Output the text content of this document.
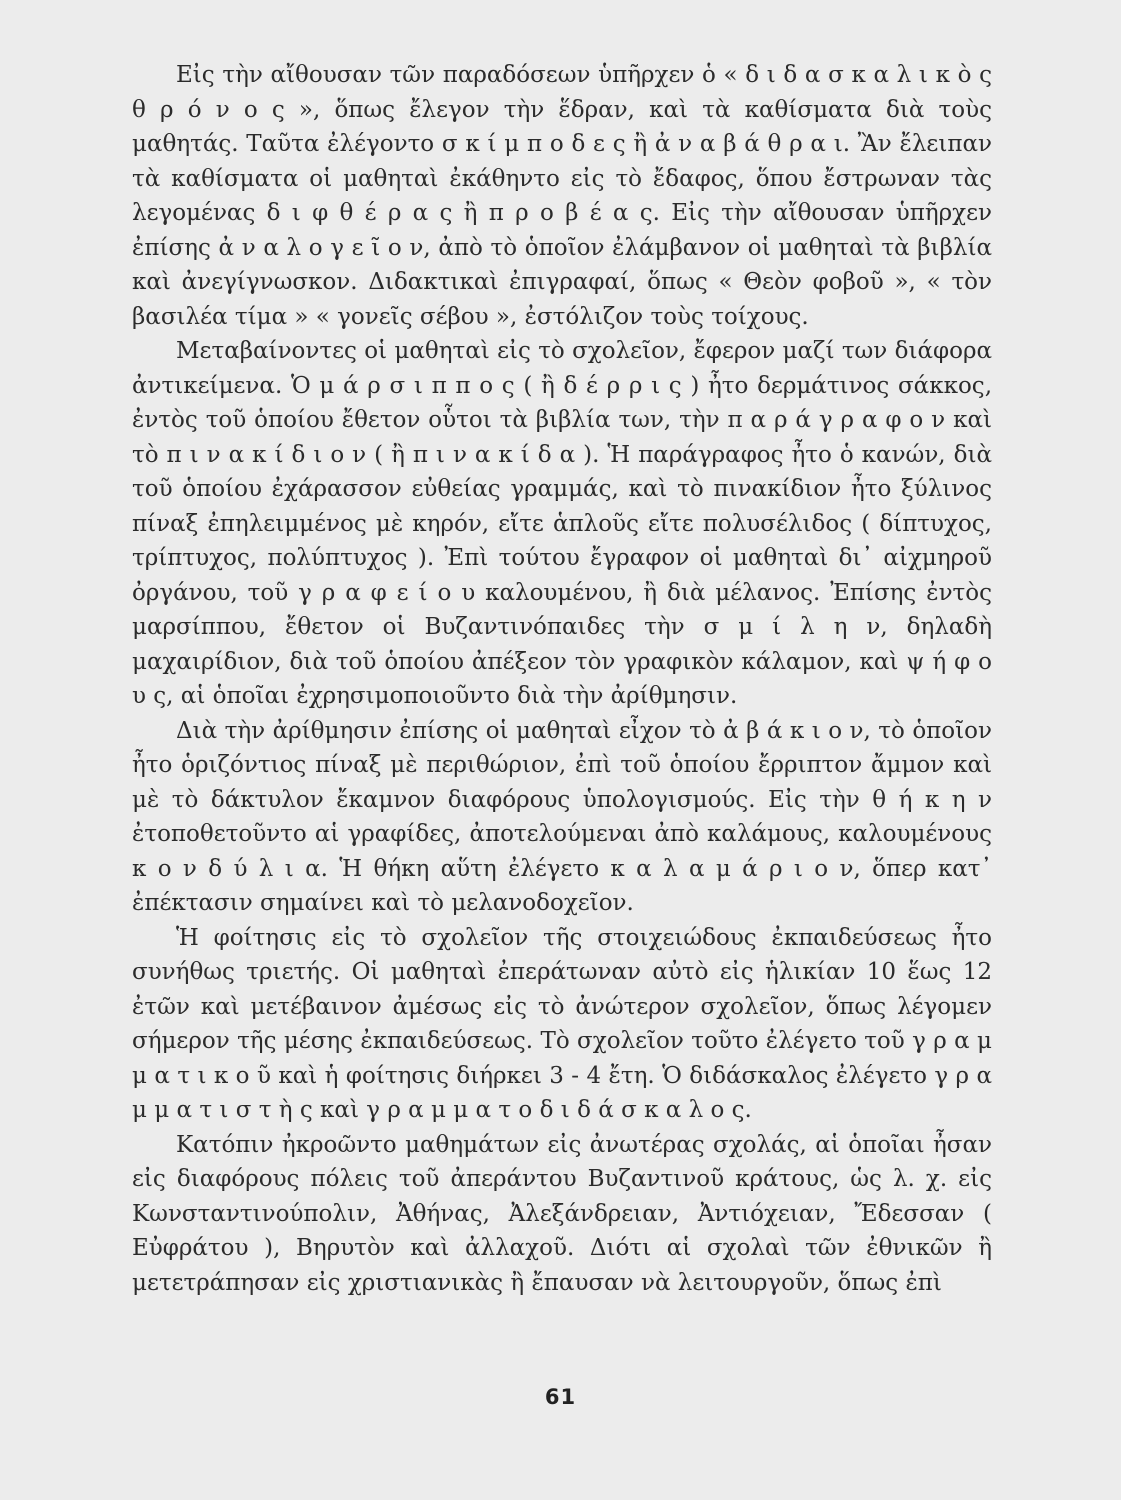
Εἰς τὴν αἴθουσαν τῶν παραδόσεων ὑπῆρχεν ὁ « δ ι δ α σ κ α λ ι κ ὸ ς θ ρ ό ν ο ς », ὅπως ἔλεγον τὴν ἕδραν, καὶ τὰ καθίσματα διὰ τοὺς μαθητάς. Ταῦτα ἐλέγοντο σ κ ί μ π ο δ ε ς ἢ ἀ ν α β ά θ ρ α ι. Ἂν ἔλειπαν τὰ καθίσματα οἱ μαθηταὶ ἐκάθηντο εἰς τὸ ἔδαφος, ὅπου ἔστρωναν τὰς λεγομένας δ ι φ θ έ ρ α ς ἢ π ρ ο β έ α ς. Εἰς τὴν αἴθουσαν ὑπῆρχεν ἐπίσης ἀ ν α λ ο γ ε ῖ ο ν, ἀπὸ τὸ ὁποῖον ἐλάμβανον οἱ μαθηταὶ τὰ βιβλία καὶ ἀνεγίγνωσκον. Διδακτικαὶ ἐπιγραφαί, ὅπως « Θεὸν φοβοῦ », « τὸν βασιλέα τίμα » « γονεῖς σέβου », ἐστόλιζον τοὺς τοίχους.

Μεταβαίνοντες οἱ μαθηταὶ εἰς τὸ σχολεῖον, ἔφερον μαζί των διάφορα ἀντικείμενα. Ὁ μ ά ρ σ ι π π ο ς ( ἢ δ έ ρ ρ ι ς ) ἦτο δερμάτινος σάκκος, ἐντὸς τοῦ ὁποίου ἔθετον οὗτοι τὰ βιβλία των, τὴν π α ρ ά γ ρ α φ ο ν καὶ τὸ π ι ν α κ ί δ ι ο ν ( ἢ π ι ν α κ ί δ α ). Ἡ παράγραφος ἦτο ὁ κανών, διὰ τοῦ ὁποίου ἐχάρασσον εὐθείας γραμμάς, καὶ τὸ πινακίδιον ἦτο ξύλινος πίναξ ἐπηλειμμένος μὲ κηρόν, εἴτε ἁπλοῦς εἴτε πολυσέλιδος ( δίπτυχος, τρίπτυχος, πολύπτυχος ). Ἐπὶ τούτου ἔγραφον οἱ μαθηταὶ δι᾽ αἰχμηροῦ ὀργάνου, τοῦ γ ρ α φ ε ί ο υ καλουμένου, ἢ διὰ μέλανος. Ἐπίσης ἐντὸς μαρσίππου, ἔθετον οἱ Βυζαντινόπαιδες τὴν σ μ ί λ η ν, δηλαδὴ μαχαιρίδιον, διὰ τοῦ ὁποίου ἀπέξεον τὸν γραφικὸν κάλαμον, καὶ ψ ή φ ο υ ς, αἱ ὁποῖαι ἐχρησιμοποιοῦντο διὰ τὴν ἀρίθμησιν.

Διὰ τὴν ἀρίθμησιν ἐπίσης οἱ μαθηταὶ εἶχον τὸ ἀ β ά κ ι ο ν, τὸ ὁποῖον ἦτο ὁριζόντιος πίναξ μὲ περιθώριον, ἐπὶ τοῦ ὁποίου ἔρριπτον ἄμμον καὶ μὲ τὸ δάκτυλον ἔκαμνον διαφόρους ὑπολογισμούς. Εἰς τὴν θ ή κ η ν ἐτοποθετοῦντο αἱ γραφίδες, ἀποτελούμεναι ἀπὸ καλάμους, καλουμένους κ ο ν δ ύ λ ι α. Ἡ θήκη αὕτη ἐλέγετο κ α λ α μ ά ρ ι ο ν, ὅπερ κατ᾽ ἐπέκτασιν σημαίνει καὶ τὸ μελανοδοχεῖον.

Ἡ φοίτησις εἰς τὸ σχολεῖον τῆς στοιχειώδους ἐκπαιδεύσεως ἦτο συνήθως τριετής. Οἱ μαθηταὶ ἐπεράτωναν αὐτὸ εἰς ἡλικίαν 10 ἕως 12 ἐτῶν καὶ μετέβαινον ἀμέσως εἰς τὸ ἀνώτερον σχολεῖον, ὅπως λέγομεν σήμερον τῆς μέσης ἐκπαιδεύσεως. Τὸ σχολεῖον τοῦτο ἐλέγετο τοῦ γ ρ α μ μ α τ ι κ ο ῦ καὶ ἡ φοίτησις διήρκει 3 - 4 ἔτη. Ὁ διδάσκαλος ἐλέγετο γ ρ α μ μ α τ ι σ τ ὴ ς καὶ γ ρ α μ μ α τ ο δ ι δ ά σ κ α λ ο ς.

Κατόπιν ἠκροῶντο μαθημάτων εἰς ἀνωτέρας σχολάς, αἱ ὁποῖαι ἦσαν εἰς διαφόρους πόλεις τοῦ ἀπεράντου Βυζαντινοῦ κράτους, ὡς λ. χ. εἰς Κωνσταντινούπολιν, Ἀθήνας, Ἀλεξάνδρειαν, Ἀντιόχειαν, Ἔδεσσαν ( Εὐφράτου ), Βηρυτὸν καὶ ἀλλαχοῦ. Διότι αἱ σχολαὶ τῶν ἐθνικῶν ἢ μετετράπησαν εἰς χριστιανικὰς ἢ ἔπαυσαν νὰ λειτουργοῦν, ὅπως ἐπὶ

61
